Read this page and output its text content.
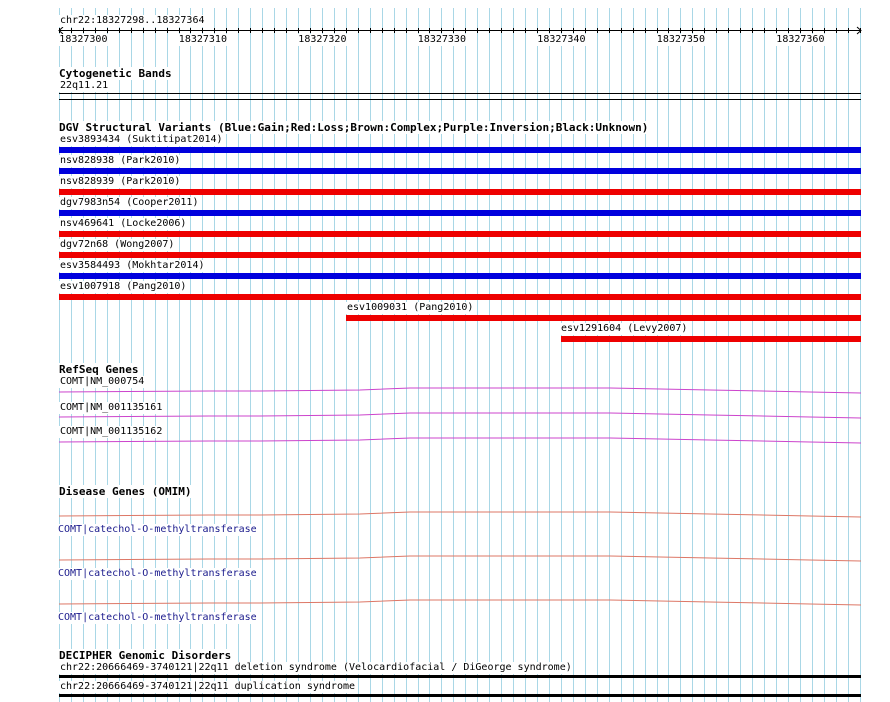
chr22:18327298..18327364
18327300	18327310	18327320	18327330	18327340	18327350	18327360
Cytogenetic Bands
22q11.21
DGV Structural Variants (Blue:Gain;Red:Loss;Brown:Complex;Purple:Inversion;Black:Unknown)
esv3893434 (Suktitipat2014)
nsv828938 (Park2010)
nsv828939 (Park2010)
dgv7983n54 (Cooper2011)
nsv469641 (Locke2006)
dgv72n68 (Wong2007)
esv3584493 (Mokhtar2014)
esv1007918 (Pang2010)
esv1009031 (Pang2010)
esv1291604 (Levy2007)
RefSeq Genes
COMT|NM_000754
COMT|NM_001135161
COMT|NM_001135162
Disease Genes (OMIM)
COMT|catechol-O-methyltransferase
COMT|catechol-O-methyltransferase
COMT|catechol-O-methyltransferase
DECIPHER Genomic Disorders
chr22:20666469-3740121|22q11 deletion syndrome (Velocardiofacial / DiGeorge syndrome)
chr22:20666469-3740121|22q11 duplication syndrome
